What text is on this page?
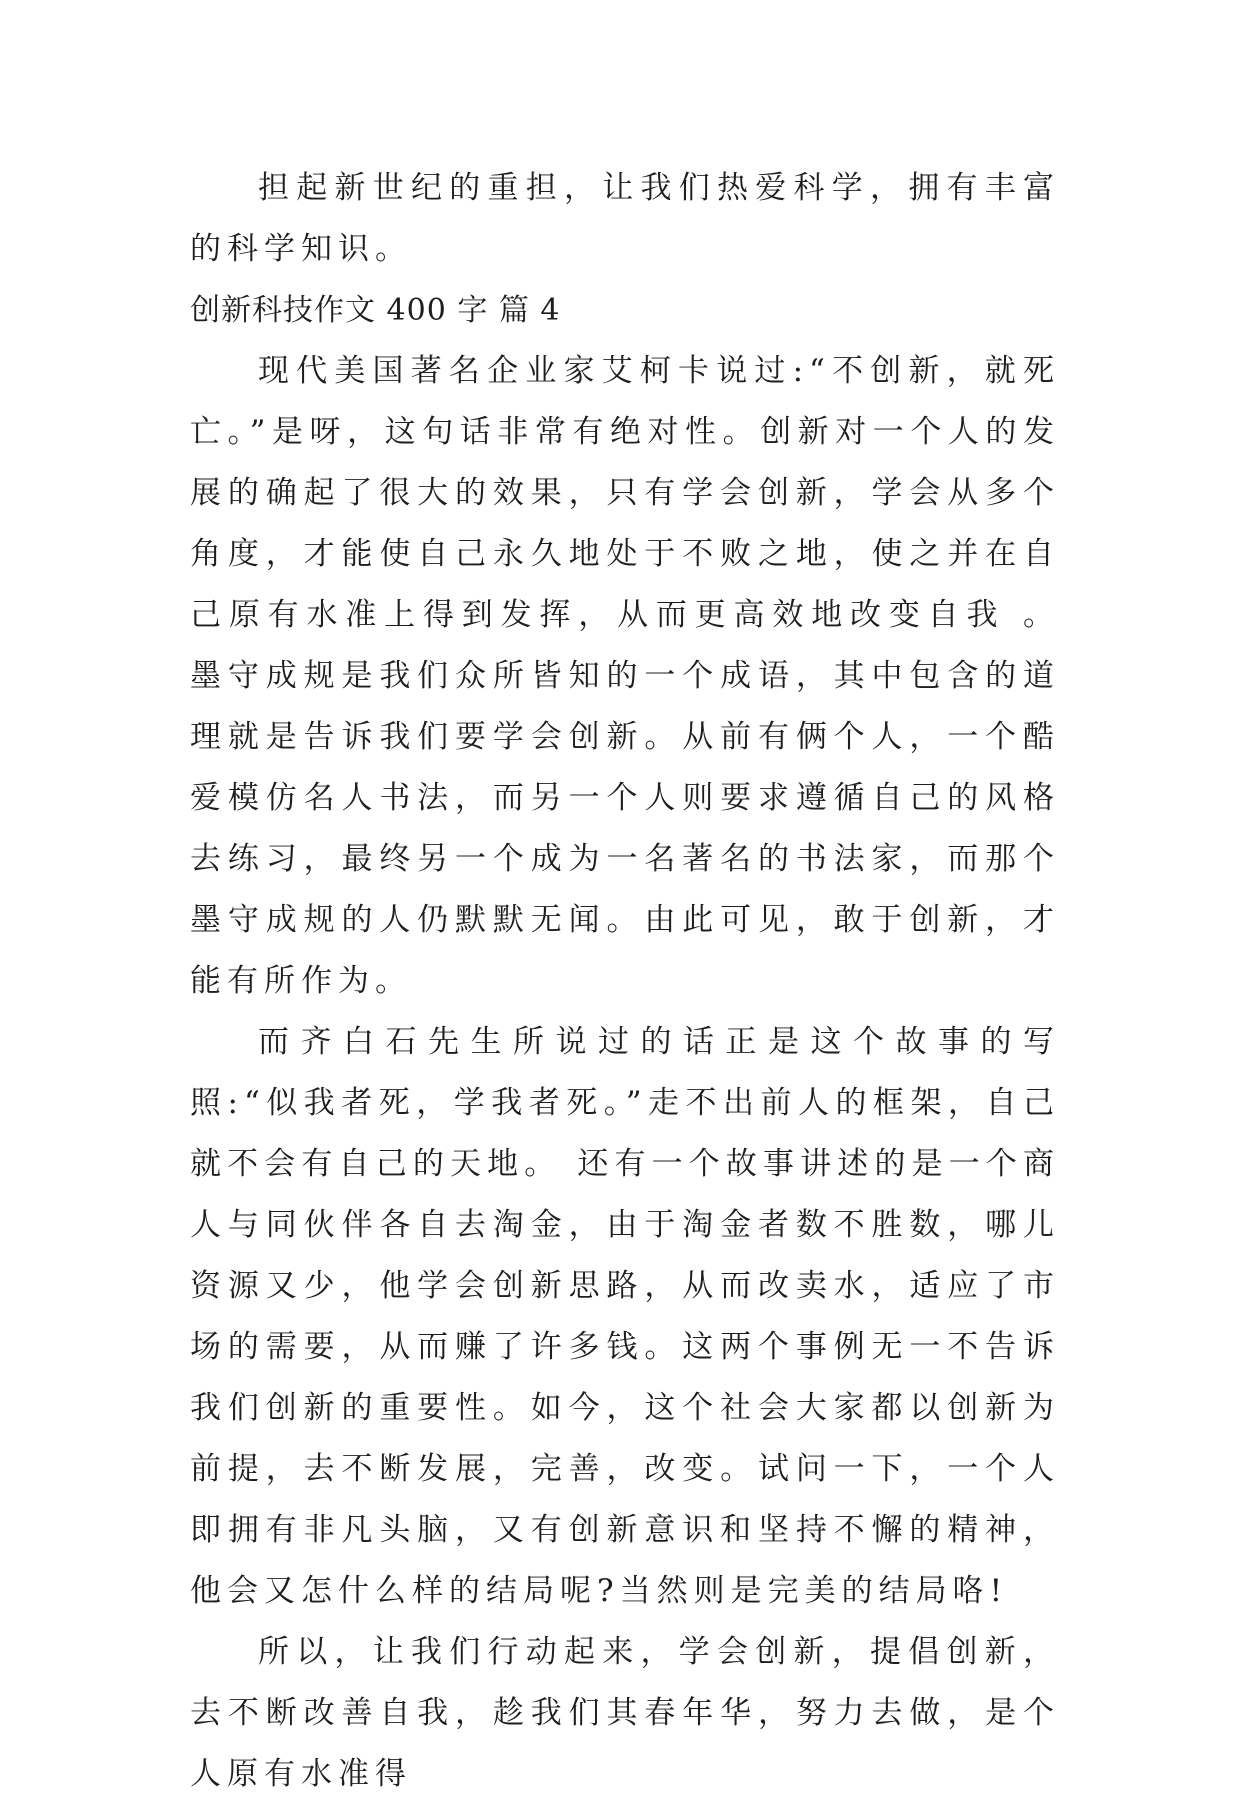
担起新世纪的重担，让我们热爱科学，拥有丰富的科学知识。

创新科技作文 400 字 篇 4

现代美国著名企业家艾柯卡说过:“不创新，就死亡。”是呀，这句话非常有绝对性。创新对一个人的发展的确起了很大的效果，只有学会创新，学会从多个角度，才能使自己永久地处于不败之地，使之并在自己原有水准上得到发挥，从而更高效地改变自我 。 墨守成规是我们众所皆知的一个成语，其中包含的道理就是告诉我们要学会创新。从前有俩个人，一个酷爱模仿名人书法，而另一个人则要求遵循自己的风格去练习，最终另一个成为一名著名的书法家，而那个墨守成规的人仍默默无闻。由此可见，敢于创新，才能有所作为。

而齐白石先生所说过的话正是这个故事的写照:“似我者死，学我者死。”走不出前人的框架，自己就不会有自己的天地。 还有一个故事讲述的是一个商人与同伙伴各自去淘金，由于淘金者数不胜数，哪儿资源又少，他学会创新思路，从而改卖水，适应了市场的需要，从而赚了许多钱。这两个事例无一不告诉我们创新的重要性。如今，这个社会大家都以创新为前提，去不断发展，完善，改变。试问一下，一个人即拥有非凡头脑，又有创新意识和坚持不懈的精神，他会又怎什么样的结局呢?当然则是完美的结局咯!

所以，让我们行动起来，学会创新，提倡创新，去不断改善自我，趁我们其春年华，努力去做，是个人原有水准得
